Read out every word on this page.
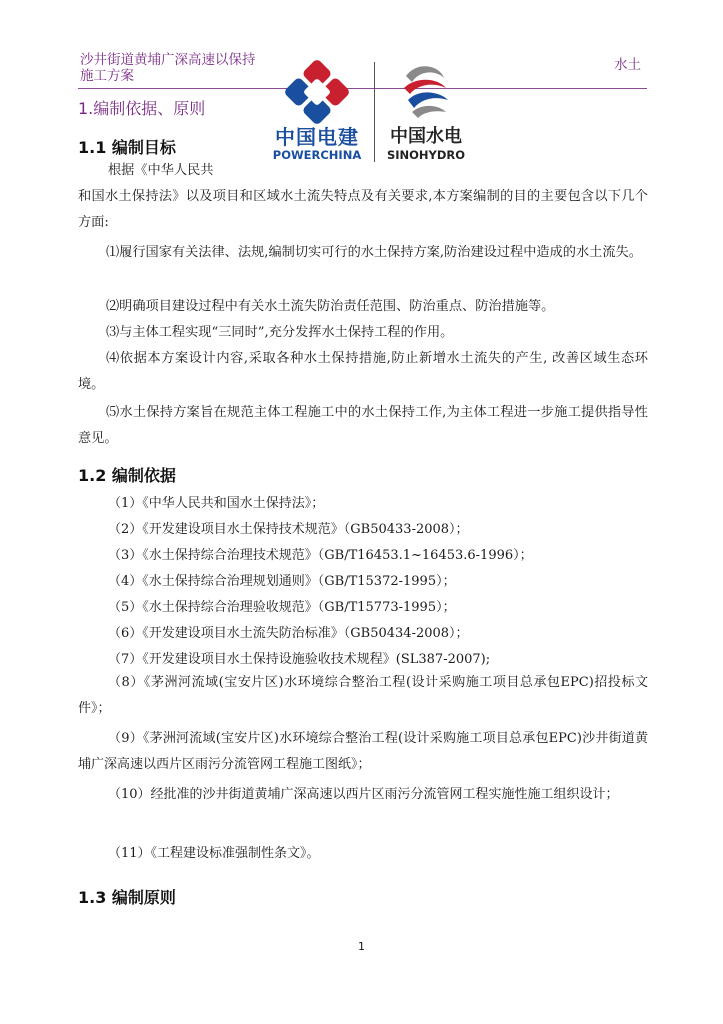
沙井街道黄埔广深高速以保持施工方案
水土
中国电建
POWERCHINA
中国水电
SINOHYDRO
1.编制依据、原则
1.1 编制目标
根据《中华人民共
和国水土保持法》以及项目和区域水土流失特点及有关要求,本方案编制的目的主要包含以下几个方面:
⑴履行国家有关法律、法规,编制切实可行的水土保持方案,防治建设过程中造成的水土流失。
⑵明确项目建设过程中有关水土流失防治责任范围、防治重点、防治措施等。
⑶与主体工程实现“三同时”,充分发挥水土保持工程的作用。
⑷依据本方案设计内容,采取各种水土保持措施,防止新增水土流失的产生, 改善区域生态环境。
⑸水土保持方案旨在规范主体工程施工中的水土保持工作,为主体工程进一步施工提供指导性意见。
1.2 编制依据
（1）《中华人民共和国水土保持法》；
（2）《开发建设项目水土保持技术规范》（GB50433-2008）；
（3）《水土保持综合治理技术规范》（GB/T16453.1~16453.6-1996）；
（4）《水土保持综合治理规划通则》（GB/T15372-1995）；
（5）《水土保持综合治理验收规范》（GB/T15773-1995）；
（6）《开发建设项目水土流失防治标准》（GB50434-2008）；
（7）《开发建设项目水土保持设施验收技术规程》(SL387-2007);
（8）《茅洲河流域(宝安片区)水环境综合整治工程(设计采购施工项目总承包EPC)招投标文件》；
（9）《茅洲河流域(宝安片区)水环境综合整治工程(设计采购施工项目总承包EPC)沙井街道黄埔广深高速以西片区雨污分流管网工程施工图纸》；
（10）经批准的沙井街道黄埔广深高速以西片区雨污分流管网工程实施性施工组织设计；
（11）《工程建设标准强制性条文》。
1.3 编制原则
1
